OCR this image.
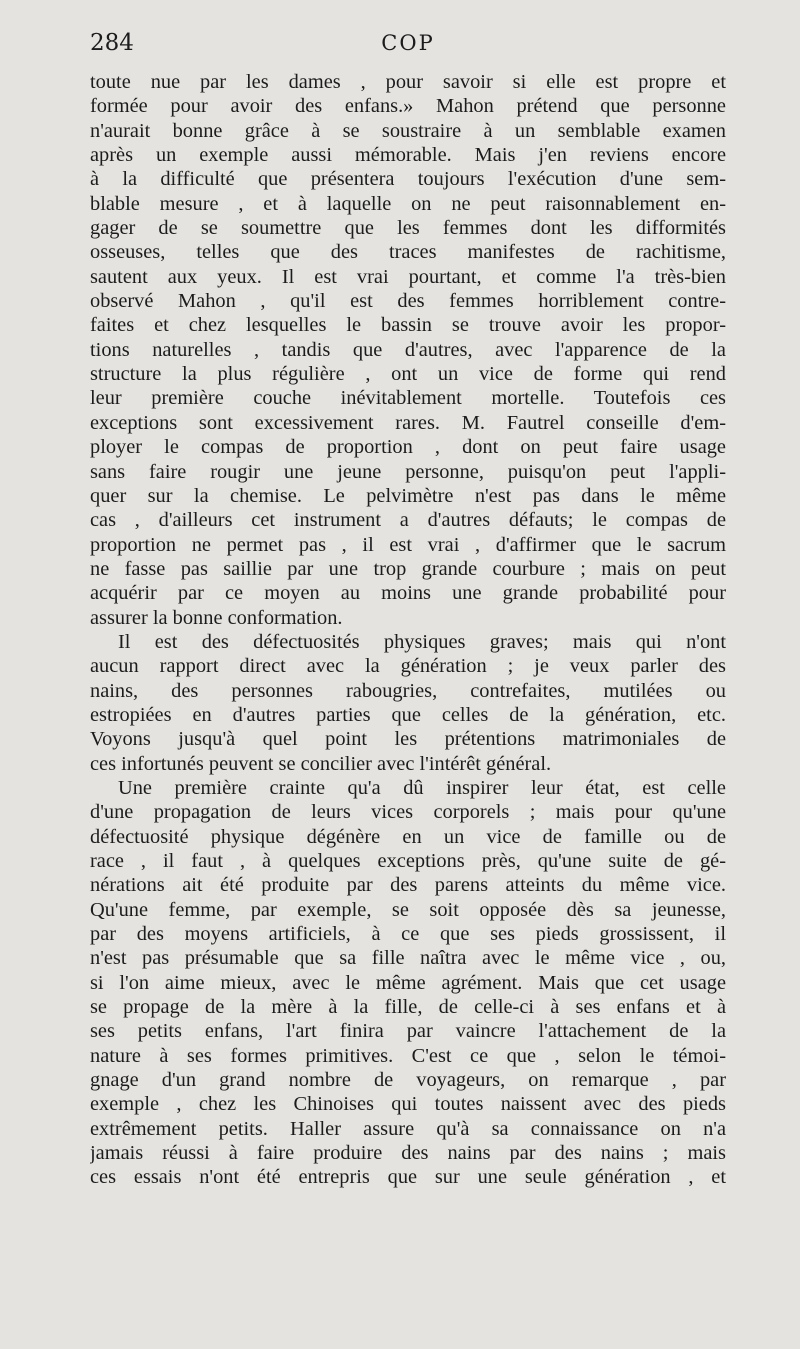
284	COP
toute nue par les dames , pour savoir si elle est propre et
formée pour avoir des enfans.» Mahon prétend que personne
n'aurait bonne grâce à se soustraire à un semblable examen
après un exemple aussi mémorable. Mais j'en reviens encore
à la difficulté que présentera toujours l'exécution d'une sem-
blable mesure , et à laquelle on ne peut raisonnablement en-
gager de se soumettre que les femmes dont les difformités
osseuses, telles que des traces manifestes de rachitisme,
sautent aux yeux. Il est vrai pourtant, et comme l'a très-bien
observé Mahon , qu'il est des femmes horriblement contre-
faites et chez lesquelles le bassin se trouve avoir les propor-
tions naturelles , tandis que d'autres, avec l'apparence de la
structure la plus régulière , ont un vice de forme qui rend
leur première couche inévitablement mortelle. Toutefois ces
exceptions sont excessivement rares. M. Fautrel conseille d'em-
ployer le compas de proportion , dont on peut faire usage
sans faire rougir une jeune personne, puisqu'on peut l'appli-
quer sur la chemise. Le pelvimètre n'est pas dans le même
cas , d'ailleurs cet instrument a d'autres défauts; le compas de
proportion ne permet pas , il est vrai , d'affirmer que le sacrum
ne fasse pas saillie par une trop grande courbure ; mais on peut
acquérir par ce moyen au moins une grande probabilité pour
assurer la bonne conformation.
Il est des défectuosités physiques graves; mais qui n'ont
aucun rapport direct avec la génération ; je veux parler des
nains, des personnes rabougries, contrefaites, mutilées ou
estropiées en d'autres parties que celles de la génération, etc.
Voyons jusqu'à quel point les prétentions matrimoniales de
ces infortunés peuvent se concilier avec l'intérêt général.
Une première crainte qu'a dû inspirer leur état, est celle
d'une propagation de leurs vices corporels ; mais pour qu'une
défectuosité physique dégénère en un vice de famille ou de
race , il faut , à quelques exceptions près, qu'une suite de gé-
nérations ait été produite par des parens atteints du même vice.
Qu'une femme, par exemple, se soit opposée dès sa jeunesse,
par des moyens artificiels, à ce que ses pieds grossissent, il
n'est pas présumable que sa fille naîtra avec le même vice , ou,
si l'on aime mieux, avec le même agrément. Mais que cet usage
se propage de la mère à la fille, de celle-ci à ses enfans et à
ses petits enfans, l'art finira par vaincre l'attachement de la
nature à ses formes primitives. C'est ce que , selon le témoi-
gnage d'un grand nombre de voyageurs, on remarque , par
exemple , chez les Chinoises qui toutes naissent avec des pieds
extrêmement petits. Haller assure qu'à sa connaissance on n'a
jamais réussi à faire produire des nains par des nains ; mais
ces essais n'ont été entrepris que sur une seule génération , et
